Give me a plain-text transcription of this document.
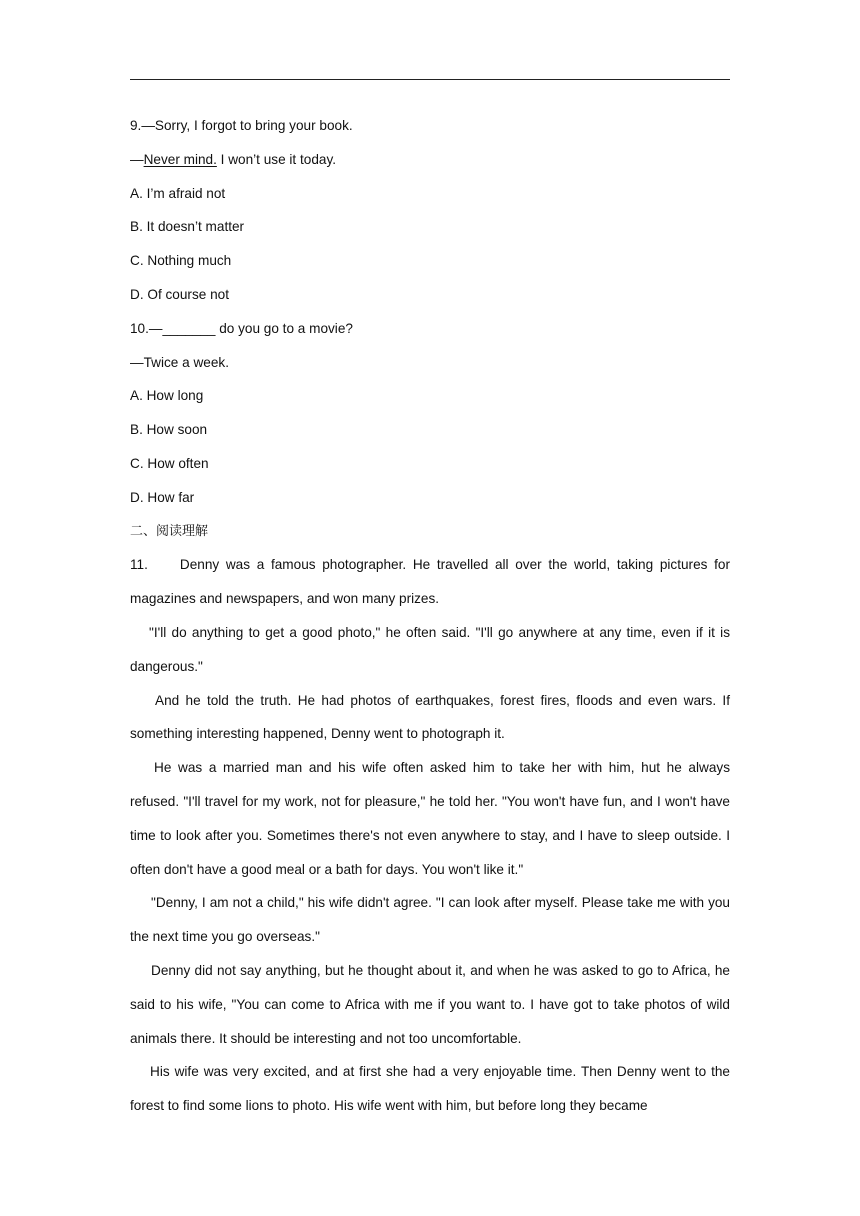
9.—Sorry, I forgot to bring your book.
—Never mind. I won’t use it today.
A. I’m afraid not
B. It doesn’t matter
C. Nothing much
D. Of course not
10.—_______ do you go to a movie?
—Twice a week.
A. How long
B. How soon
C. How often
D. How far
二、阅读理解
11. Denny was a famous photographer. He travelled all over the world, taking pictures for magazines and newspapers, and won many prizes.
"I'll do anything to get a good photo," he often said. "I'll go anywhere at any time, even if it is dangerous."
And he told the truth. He had photos of earthquakes, forest fires, floods and even wars. If something interesting happened, Denny went to photograph it.
He was a married man and his wife often asked him to take her with him, hut he always refused. "I'll travel for my work, not for pleasure," he told her. "You won't have fun, and I won't have time to look after you. Sometimes there's not even anywhere to stay, and I have to sleep outside. I often don't have a good meal or a bath for days. You won't like it."
"Denny, I am not a child," his wife didn't agree. "I can look after myself. Please take me with you the next time you go overseas."
Denny did not say anything, but he thought about it, and when he was asked to go to Africa, he said to his wife, "You can come to Africa with me if you want to. I have got to take photos of wild animals there. It should be interesting and not too uncomfortable.
His wife was very excited, and at first she had a very enjoyable time. Then Denny went to the forest to find some lions to photo. His wife went with him, but before long they became
